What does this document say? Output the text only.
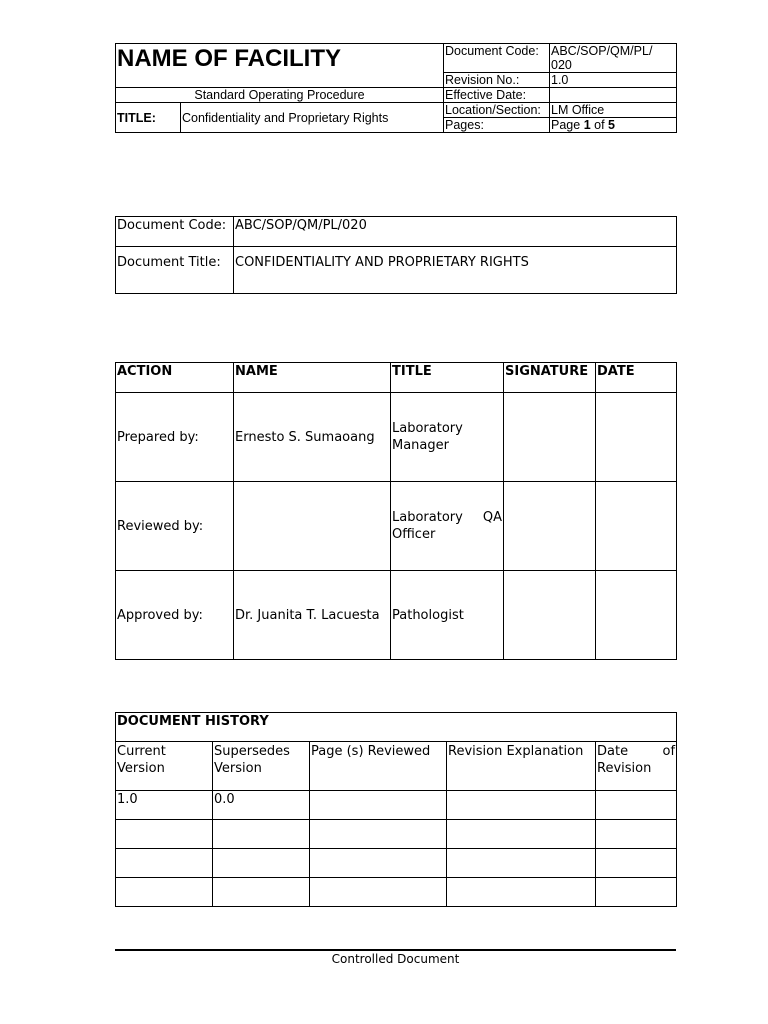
NAME OF FACILITY		Document Code:	ABC/SOP/QM/PL/ 020
		Revision No.:	1.0
Standard Operating Procedure		Effective Date:	
TITLE:	Confidentiality and Proprietary Rights	Location/Section:	LM Office
		Pages:	Page 1 of 5
Document Code:	ABC/SOP/QM/PL/020
Document Title:	CONFIDENTIALITY AND PROPRIETARY RIGHTS
ACTION	NAME	TITLE	SIGNATURE	DATE
Prepared by:	Ernesto S. Sumaoang	Laboratory Manager		
Reviewed by:		Laboratory QA Officer		
Approved by:	Dr. Juanita T. Lacuesta	Pathologist		
DOCUMENT HISTORY				
Current Version	Supersedes Version	Page (s) Reviewed	Revision Explanation	Date of Revision
1.0	0.0			

Controlled Document
